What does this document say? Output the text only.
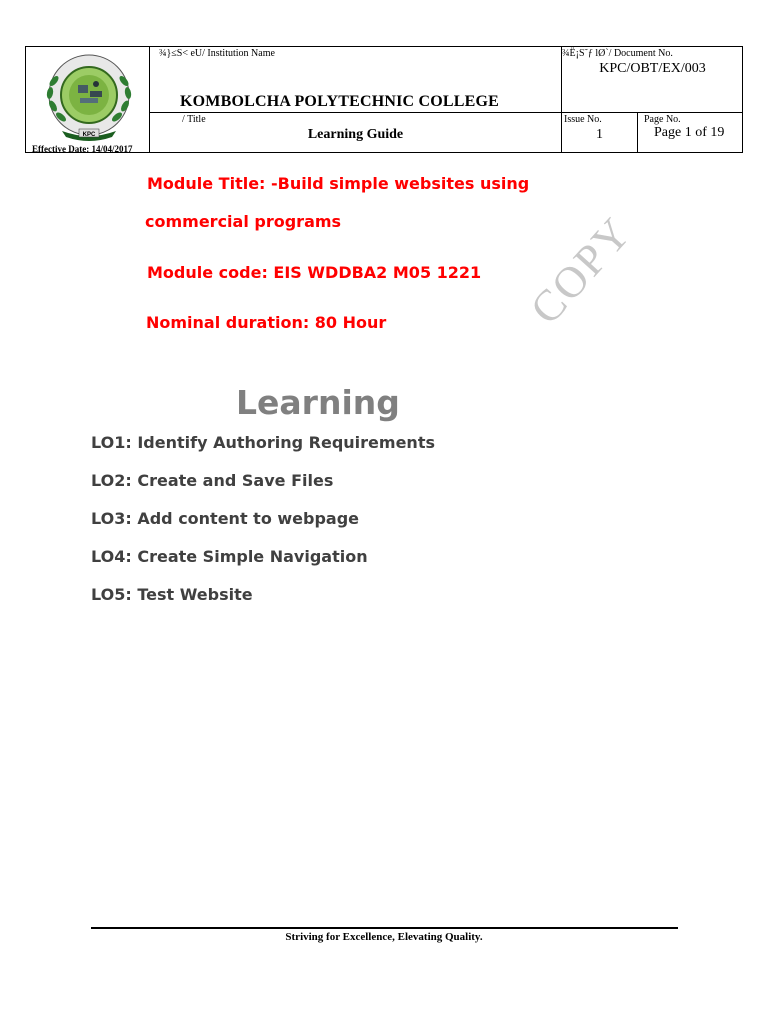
KPC
Effective Date: 14/04/2017
¾}≤S< eU/ Institution Name
KOMBOLCHA POLYTECHNIC COLLEGE
/ Title
Learning Guide
¾Ë¡S˜ƒ lØ`/ Document No.
KPC/OBT/EX/003
Issue No.
1
Page No.
Page 1 of 19
COPY
Module Title: -Build simple websites using
commercial programs
Module code: EIS WDDBA2 M05 1221
Nominal duration: 80 Hour
Learning
LO1: Identify Authoring Requirements
LO2: Create and Save Files
LO3: Add content to webpage
LO4: Create Simple Navigation
LO5: Test Website
Striving for Excellence, Elevating Quality.
